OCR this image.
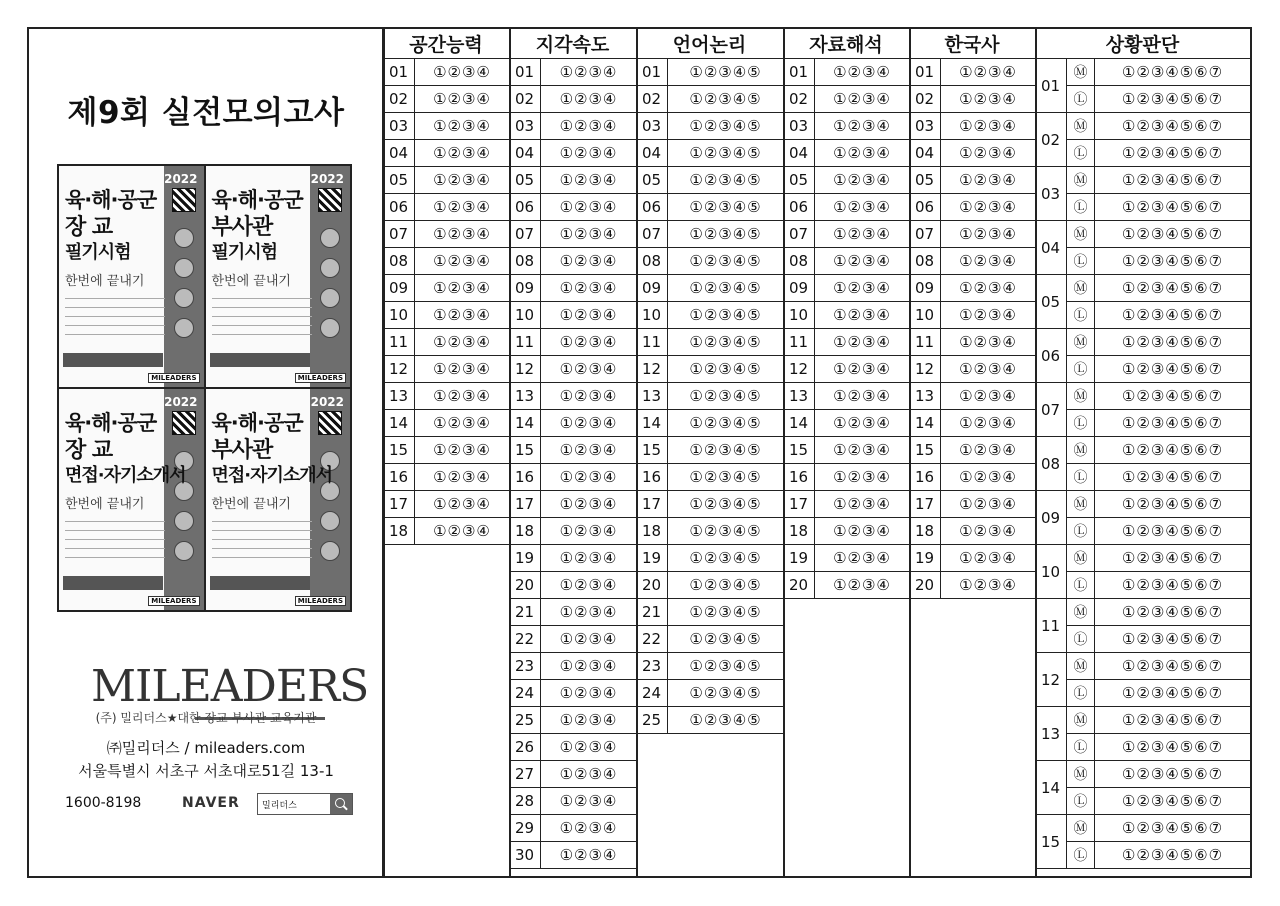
제9회 실전모의고사
2022
육·해·공군
장 교
필기시험
한번에 끝내기
MILEADERS
2022
육·해·공군
부사관
필기시험
한번에 끝내기
MILEADERS
2022
육·해·공군
장 교
면접·자기소개서
한번에 끝내기
MILEADERS
2022
육·해·공군
부사관
면접·자기소개서
한번에 끝내기
MILEADERS
MILEADERS
(주) 밀리더스★대한 장교 부사관 교육기관
㈜밀리더스 / mileaders.com
서울특별시 서초구 서초대로51길 13-1
1600-8198	NAVER 밀리더스
공간능력
01	①②③④
02	①②③④
03	①②③④
04	①②③④
05	①②③④
06	①②③④
07	①②③④
08	①②③④
09	①②③④
10	①②③④
11	①②③④
12	①②③④
13	①②③④
14	①②③④
15	①②③④
16	①②③④
17	①②③④
18	①②③④
지각속도
01	①②③④
02	①②③④
03	①②③④
04	①②③④
05	①②③④
06	①②③④
07	①②③④
08	①②③④
09	①②③④
10	①②③④
11	①②③④
12	①②③④
13	①②③④
14	①②③④
15	①②③④
16	①②③④
17	①②③④
18	①②③④
19	①②③④
20	①②③④
21	①②③④
22	①②③④
23	①②③④
24	①②③④
25	①②③④
26	①②③④
27	①②③④
28	①②③④
29	①②③④
30	①②③④
언어논리
01	①②③④⑤
02	①②③④⑤
03	①②③④⑤
04	①②③④⑤
05	①②③④⑤
06	①②③④⑤
07	①②③④⑤
08	①②③④⑤
09	①②③④⑤
10	①②③④⑤
11	①②③④⑤
12	①②③④⑤
13	①②③④⑤
14	①②③④⑤
15	①②③④⑤
16	①②③④⑤
17	①②③④⑤
18	①②③④⑤
19	①②③④⑤
20	①②③④⑤
21	①②③④⑤
22	①②③④⑤
23	①②③④⑤
24	①②③④⑤
25	①②③④⑤
자료해석
01	①②③④
02	①②③④
03	①②③④
04	①②③④
05	①②③④
06	①②③④
07	①②③④
08	①②③④
09	①②③④
10	①②③④
11	①②③④
12	①②③④
13	①②③④
14	①②③④
15	①②③④
16	①②③④
17	①②③④
18	①②③④
19	①②③④
20	①②③④
한국사
01	①②③④
02	①②③④
03	①②③④
04	①②③④
05	①②③④
06	①②③④
07	①②③④
08	①②③④
09	①②③④
10	①②③④
11	①②③④
12	①②③④
13	①②③④
14	①②③④
15	①②③④
16	①②③④
17	①②③④
18	①②③④
19	①②③④
20	①②③④
상황판단
01
Ⓜ	①②③④⑤⑥⑦
Ⓛ	①②③④⑤⑥⑦
02
Ⓜ	①②③④⑤⑥⑦
Ⓛ	①②③④⑤⑥⑦
03
Ⓜ	①②③④⑤⑥⑦
Ⓛ	①②③④⑤⑥⑦
04
Ⓜ	①②③④⑤⑥⑦
Ⓛ	①②③④⑤⑥⑦
05
Ⓜ	①②③④⑤⑥⑦
Ⓛ	①②③④⑤⑥⑦
06
Ⓜ	①②③④⑤⑥⑦
Ⓛ	①②③④⑤⑥⑦
07
Ⓜ	①②③④⑤⑥⑦
Ⓛ	①②③④⑤⑥⑦
08
Ⓜ	①②③④⑤⑥⑦
Ⓛ	①②③④⑤⑥⑦
09
Ⓜ	①②③④⑤⑥⑦
Ⓛ	①②③④⑤⑥⑦
10
Ⓜ	①②③④⑤⑥⑦
Ⓛ	①②③④⑤⑥⑦
11
Ⓜ	①②③④⑤⑥⑦
Ⓛ	①②③④⑤⑥⑦
12
Ⓜ	①②③④⑤⑥⑦
Ⓛ	①②③④⑤⑥⑦
13
Ⓜ	①②③④⑤⑥⑦
Ⓛ	①②③④⑤⑥⑦
14
Ⓜ	①②③④⑤⑥⑦
Ⓛ	①②③④⑤⑥⑦
15
Ⓜ	①②③④⑤⑥⑦
Ⓛ	①②③④⑤⑥⑦
